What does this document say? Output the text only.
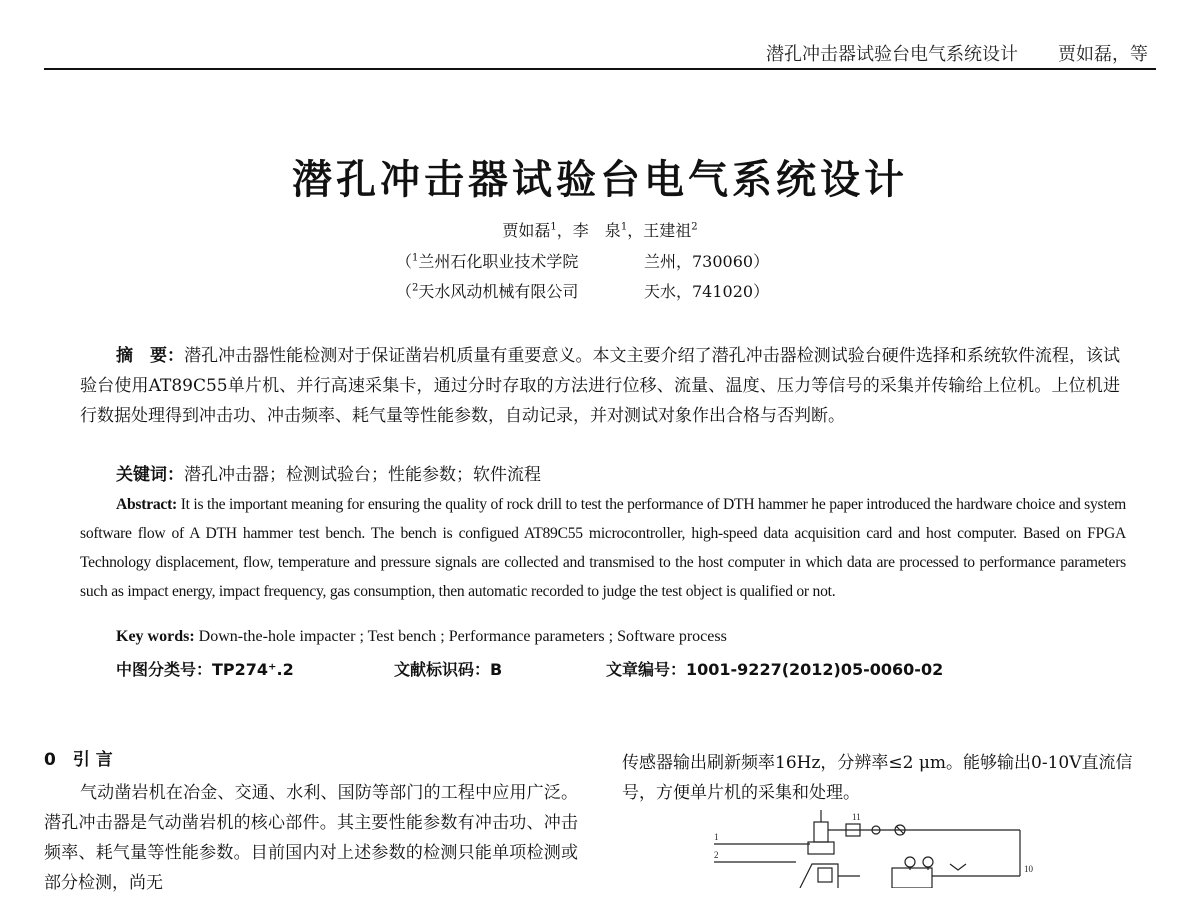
潜孔冲击器试验台电气系统设计 贾如磊，等
潜孔冲击器试验台电气系统设计
贾如磊$^1$，李　泉$^1$，王建祖$^2$
（$^1$兰州石化职业技术学院	兰州，730060）
（$^2$天水风动机械有限公司	天水，741020）

摘　要：潜孔冲击器性能检测对于保证凿岩机质量有重要意义。本文主要介绍了潜孔冲击器检测试验台硬件选择和系统软件流程，该试验台使用AT89C55单片机、并行高速采集卡，通过分时存取的方法进行位移、流量、温度、压力等信号的采集并传输给上位机。上位机进行数据处理得到冲击功、冲击频率、耗气量等性能参数，自动记录，并对测试对象作出合格与否判断。

关键词：潜孔冲击器；检测试验台；性能参数；软件流程

Abstract: It is the important meaning for ensuring the quality of rock drill to test the performance of DTH hammer he paper introduced the hardware choice and system software flow of A DTH hammer test bench. The bench is configued AT89C55 microcontroller, high-speed data acquisition card and host computer. Based on FPGA Technology displacement, flow, temperature and pressure signals are collected and transmised to the host computer in which data are processed to performance parameters such as impact energy, impact frequency, gas consumption, then automatic recorded to judge the test object is qualified or not.

Key words: Down-the-hole impacter ; Test bench ; Performance parameters ; Software process

中图分类号：TP274⁺.2	文献标识码：B	文章编号：1001-9227(2012)05-0060-02
0　引 言

气动凿岩机在冶金、交通、水利、国防等部门的工程中应用广泛。潜孔冲击器是气动凿岩机的核心部件。其主要性能参数有冲击功、冲击频率、耗气量等性能参数。目前国内对上述参数的检测只能单项检测或部分检测，尚无

传感器输出刷新频率16Hz，分辨率≤2 μm。能够输出0-10V直流信号，方便单片机的采集和处理。

1
2
11
10
